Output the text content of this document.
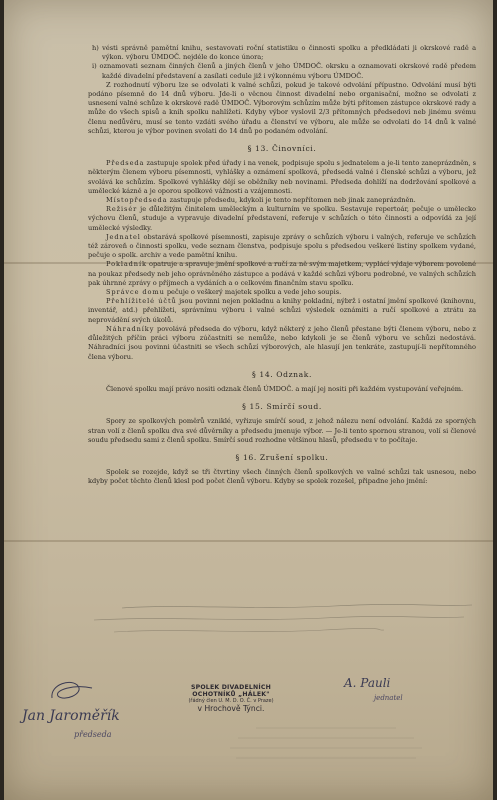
h) vésti správně pamětní knihu, sestavovati roční statistiku o činnosti spolku a předkládati ji okrskové radě a výkon. výboru ÚMDOČ. nejdéle do konce února;

i) oznamovati seznam činných členů a jiných členů v jeho ÚMDOČ. okrsku a oznamovati okrskové radě předem každé divadelní představení a zasílati cedule již i výkonnému výboru ÚMDOČ.

Z rozhodnutí výboru lze se odvolati k valné schůzi, pokud je takové odvolání přípustno. Odvolání musí býti podáno písemně do 14 dnů výboru. Jde-li o věcnou činnost divadelní nebo organisační, možno se odvolati z usnesení valné schůze k okrskové radě ÚMDOČ. Výborovým schůzím může býti přítomen zástupce okrskové rady a může do všech spisů a knih spolku nahlížeti. Kdyby výbor vyslovil 2/3 přítomných předsedovi neb jinému svému členu nedůvěru, musí se tento vzdáti svého úřadu a členství ve výboru, ale může se odvolati do 14 dnů k valné schůzi, kterou je výbor povinen svolati do 14 dnů po podaném odvolání.

§ 13. Činovníci.

Předseda zastupuje spolek před úřady i na venek, podpisuje spolu s jednatelem a je-li tento zaneprázdněn, s některým členem výboru písemnosti, vyhlášky a oznámení spolková, předsedá valné i členské schůzi a výboru, jež svolává ke schůzím. Spolkové vyhlášky dějí se oběžníky neb novinami. Předseda dohlíží na dodržování spolkové a umělecké kázně a je oporou spolkové vážnosti a vzájemnosti.

Místopředseda zastupuje předsedu, kdykoli je tento nepřítomen neb jinak zaneprázdněn.

Režisér je důležitým činitelem uměleckým a kulturním ve spolku. Sestavuje repertoár, pečuje o umělecko výchovu členů, studuje a vypravuje divadelní představení, referuje v schůzích o této činnosti a odpovídá za její umělecké výsledky.

Jednatel obstarává spolkové písemnosti, zapisuje zprávy o schůzích výboru i valných, referuje ve schůzích též zároveň o činnosti spolku, vede seznam členstva, podpisuje spolu s předsedou veškeré listiny spolkem vydané, pečuje o spolk. archiv a vede pamětní knihu.

Pokladník opatruje a spravuje jmění spolkové a ručí za ně svým majetkem, vyplácí výdaje výborem povolené na poukaz předsedy neb jeho oprávněného zástupce a podává v každé schůzi výboru podrobné, ve valných schůzích pak úhrnné zprávy o příjmech a vydáních a o celkovém finančním stavu spolku.

Správce domu pečuje o veškerý majetek spolku a vede jeho soupis.

Přehlížitelé účtů jsou povinni nejen pokladnu a knihy pokladní, nýbrž i ostatní jmění spolkové (knihovnu, inventář, atd.) přehlížeti, správnímu výboru i valné schůzi výsledek oznámiti a ručí spolkové a ztrátu za neprovádění svých úkolů.

Náhradníky povolává předseda do výboru, když některý z jeho členů přestane býti členem výboru, nebo z důležitých příčin práci výboru zúčastniti se nemůže, nebo kdykoli je se členů výboru ve schůzi nedostává. Náhradníci jsou povinni účastniti se všech schůzí výborových, ale hlasují jen tenkráte, zastupují-li nepřítomného člena výboru.

§ 14. Odznak.

Členové spolku mají právo nositi odznak členů ÚMDOČ. a mají jej nositi při každém vystupování veřejném.

§ 15. Smírčí soud.

Spory ze spolkových poměrů vzniklé, vyřizuje smírčí soud, z jehož nálezu není odvolání. Každá ze sporných stran volí z členů spolku dva své důvěrníky a předsedu jmenuje výbor. — Je-li tento spornou stranou, volí si členové soudu předsedu sami z členů spolku. Smírčí soud rozhodne většinou hlasů, předsedu v to počítaje.

§ 16. Zrušení spolku.

Spolek se rozejde, když se tři čtvrtiny všech činných členů spolkových ve valné schůzi tak usnesou, nebo kdyby počet těchto členů klesl pod počet členů výboru. Kdyby se spolek rozešel, připadne jeho jmění:

SPOLEK DIVADELNÍCH OCHOTNÍKŮ „HÁLEK"
(řádný člen U. M. D. O. Č. v Praze)
v Hrochově Týnci.
A. Pauli
jednatel
Jan Jaroměřík
předseda
